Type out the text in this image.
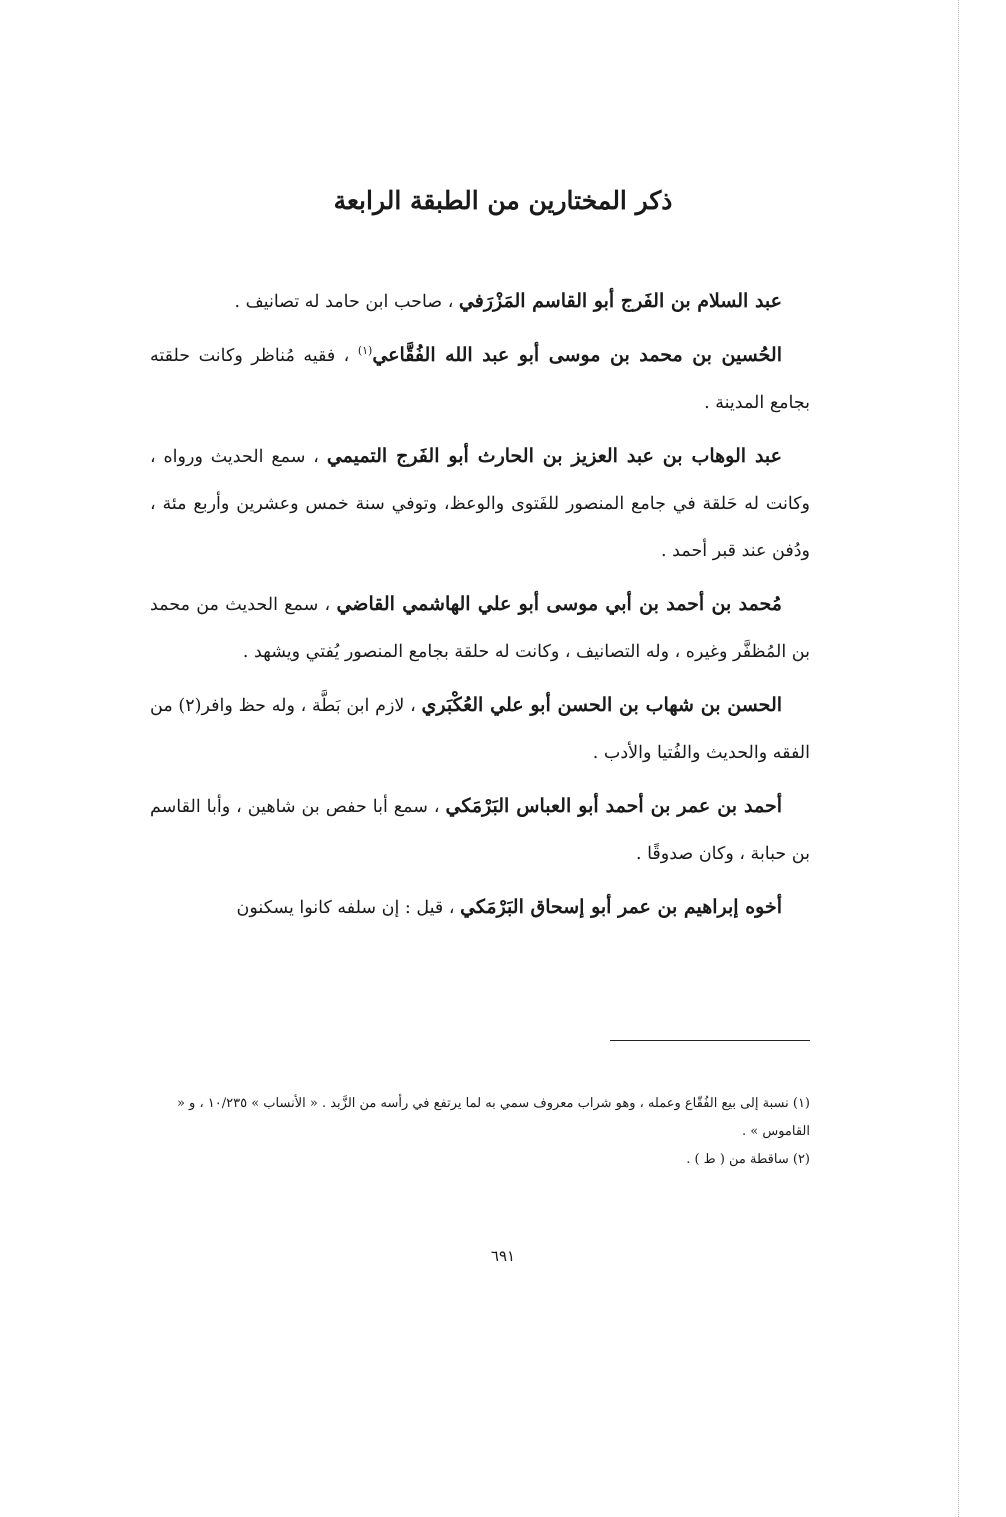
ذكر المختارين من الطبقة الرابعة

عبد السلام بن الفَرج أبو القاسم المَزْرَفي ، صاحب ابن حامد له تصانيف .

الحُسين بن محمد بن موسى أبو عبد الله الفُقَّاعي$^{(١)}$ ، فقيه مُناظر وكانت حلقته بجامع المدينة .

عبد الوهاب بن عبد العزيز بن الحارث أبو الفَرج التميمي ، سمع الحديث ورواه ، وكانت له حَلقة في جامع المنصور للفَتوى والوعظ، وتوفي سنة خمس وعشرين وأربع مئة ، ودُفن عند قبر أحمد .

مُحمد بن أحمد بن أبي موسى أبو علي الهاشمي القاضي ، سمع الحديث من محمد بن المُظفَّر وغيره ، وله التصانيف ، وكانت له حلقة بجامع المنصور يُفتي ويشهد .

الحسن بن شهاب بن الحسن أبو علي العُكْبَري ، لازم ابن بَطَّة ، وله حظ وافر(٢) من الفقه والحديث والفُتيا والأدب .

أحمد بن عمر بن أحمد أبو العباس البَرْمَكي ، سمع أبا حفص بن شاهين ، وأبا القاسم بن حبابة ، وكان صدوقًا .

أخوه إبراهيم بن عمر أبو إسحاق البَرْمَكي ، قيل : إن سلفه كانوا يسكنون

(١) نسبة إلى بيع الفُقّاع وعمله ، وهو شراب معروف سمي به لما يرتفع في رأسه من الزَّبد . « الأنساب » ١٠/٢٣٥ ، و « القاموس » .

(٢) ساقطة من ( ط ) .

٦٩١
